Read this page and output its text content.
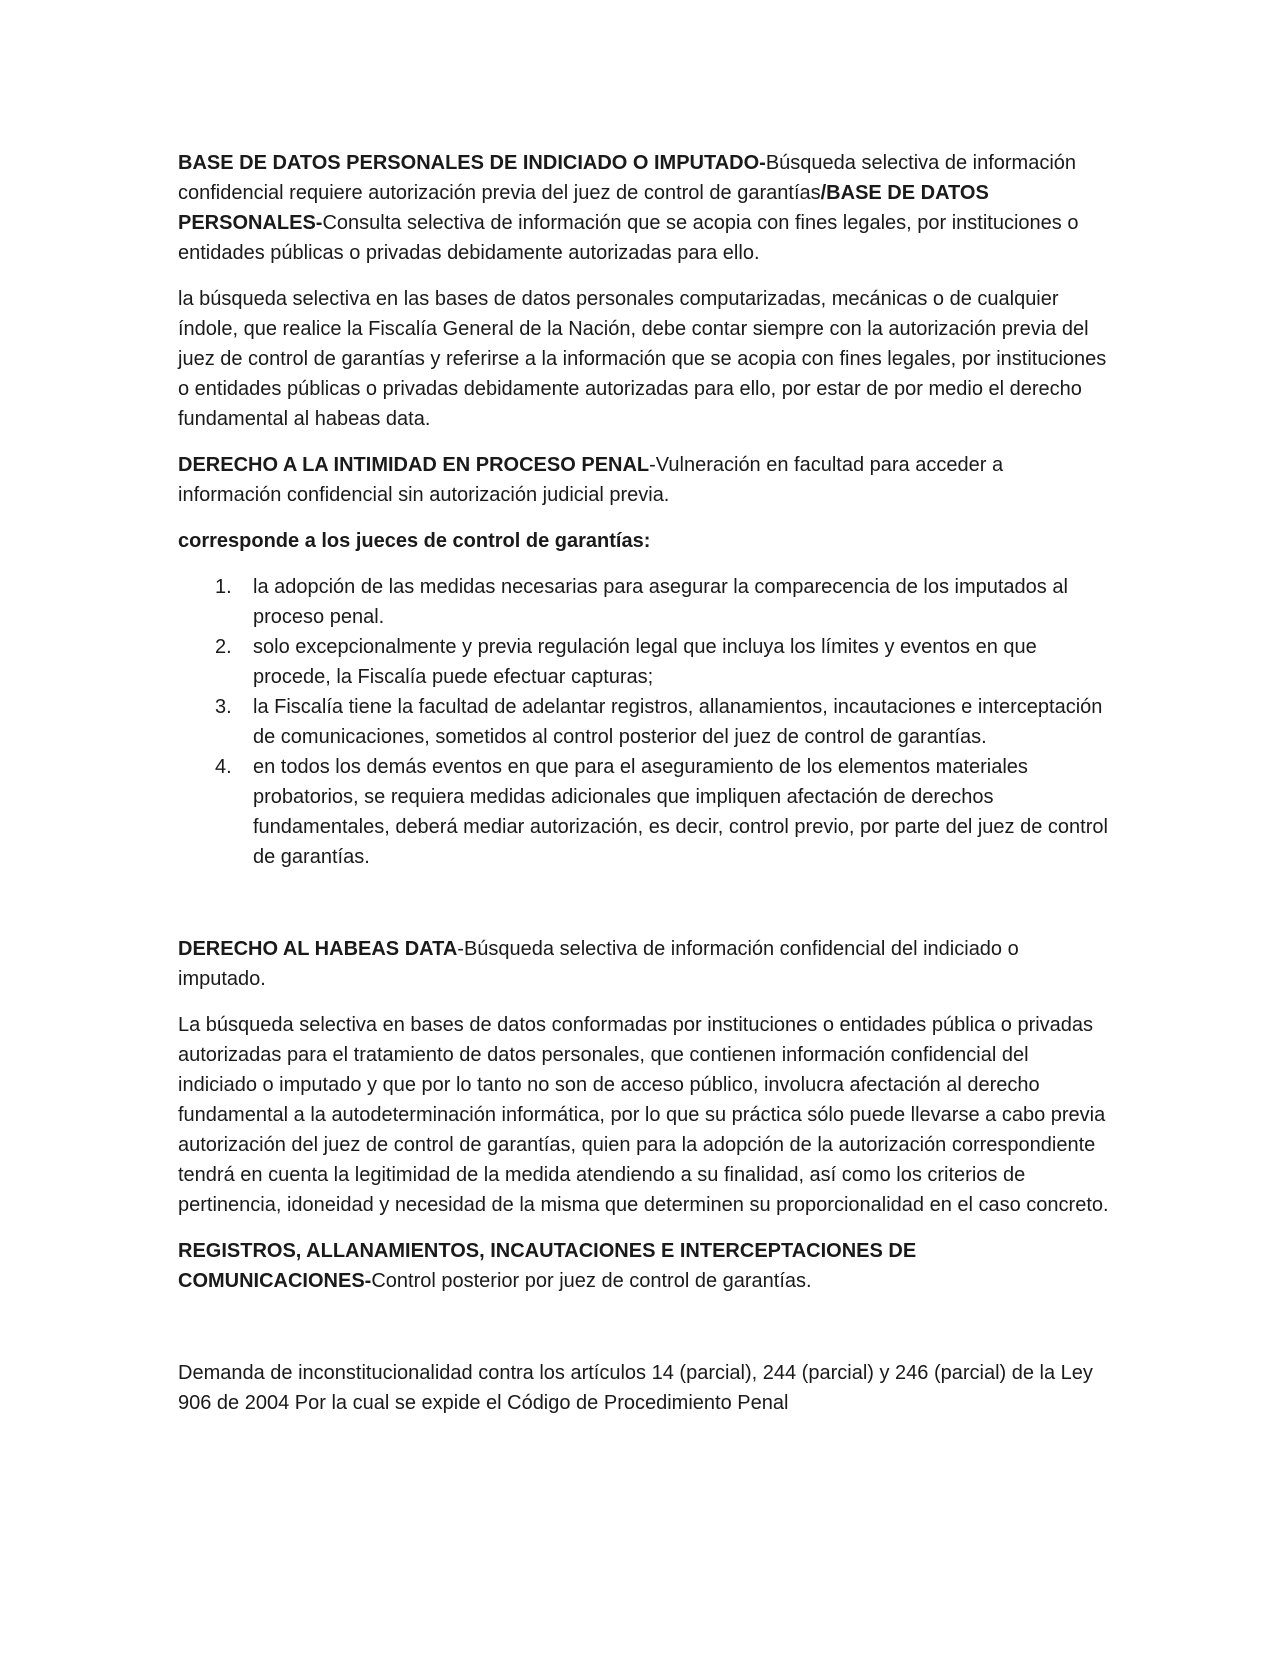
BASE DE DATOS PERSONALES DE INDICIADO O IMPUTADO-Búsqueda selectiva de información confidencial requiere autorización previa del juez de control de garantías/BASE DE DATOS PERSONALES-Consulta selectiva de información que se acopia con fines legales, por instituciones o entidades públicas o privadas debidamente autorizadas para ello.

la búsqueda selectiva en las bases de datos personales computarizadas, mecánicas o de cualquier índole, que realice la Fiscalía General de la Nación, debe contar siempre con la autorización previa del juez de control de garantías y referirse a la información que se acopia con fines legales, por instituciones o entidades públicas o privadas debidamente autorizadas para ello, por estar de por medio el derecho fundamental al habeas data.

DERECHO A LA INTIMIDAD EN PROCESO PENAL-Vulneración en facultad para acceder a información confidencial sin autorización judicial previa.

corresponde a los jueces de control de garantías:

1. la adopción de las medidas necesarias para asegurar la comparecencia de los imputados al proceso penal.
2. solo excepcionalmente y previa regulación legal que incluya los límites y eventos en que procede, la Fiscalía puede efectuar capturas;
3. la Fiscalía tiene la facultad de adelantar registros, allanamientos, incautaciones e interceptación de comunicaciones, sometidos al control posterior del juez de control de garantías.
4. en todos los demás eventos en que para el aseguramiento de los elementos materiales probatorios, se requiera medidas adicionales que impliquen afectación de derechos fundamentales, deberá mediar autorización, es decir, control previo, por parte del juez de control de garantías.

DERECHO AL HABEAS DATA-Búsqueda selectiva de información confidencial del indiciado o imputado.

La búsqueda selectiva en bases de datos conformadas por instituciones o entidades pública o privadas autorizadas para el tratamiento de datos personales, que contienen información confidencial del indiciado o imputado y que por lo tanto no son de acceso público, involucra afectación al derecho fundamental a la autodeterminación informática, por lo que su práctica sólo puede llevarse a cabo previa autorización del juez de control de garantías, quien para la adopción de la autorización correspondiente tendrá en cuenta la legitimidad de la medida atendiendo a su finalidad, así como los criterios de pertinencia, idoneidad y necesidad de la misma que determinen su proporcionalidad en el caso concreto.

REGISTROS, ALLANAMIENTOS, INCAUTACIONES E INTERCEPTACIONES DE COMUNICACIONES-Control posterior por juez de control de garantías.

Demanda de inconstitucionalidad contra los artículos 14 (parcial), 244 (parcial) y 246 (parcial) de la Ley 906 de 2004 Por la cual se expide el Código de Procedimiento Penal
